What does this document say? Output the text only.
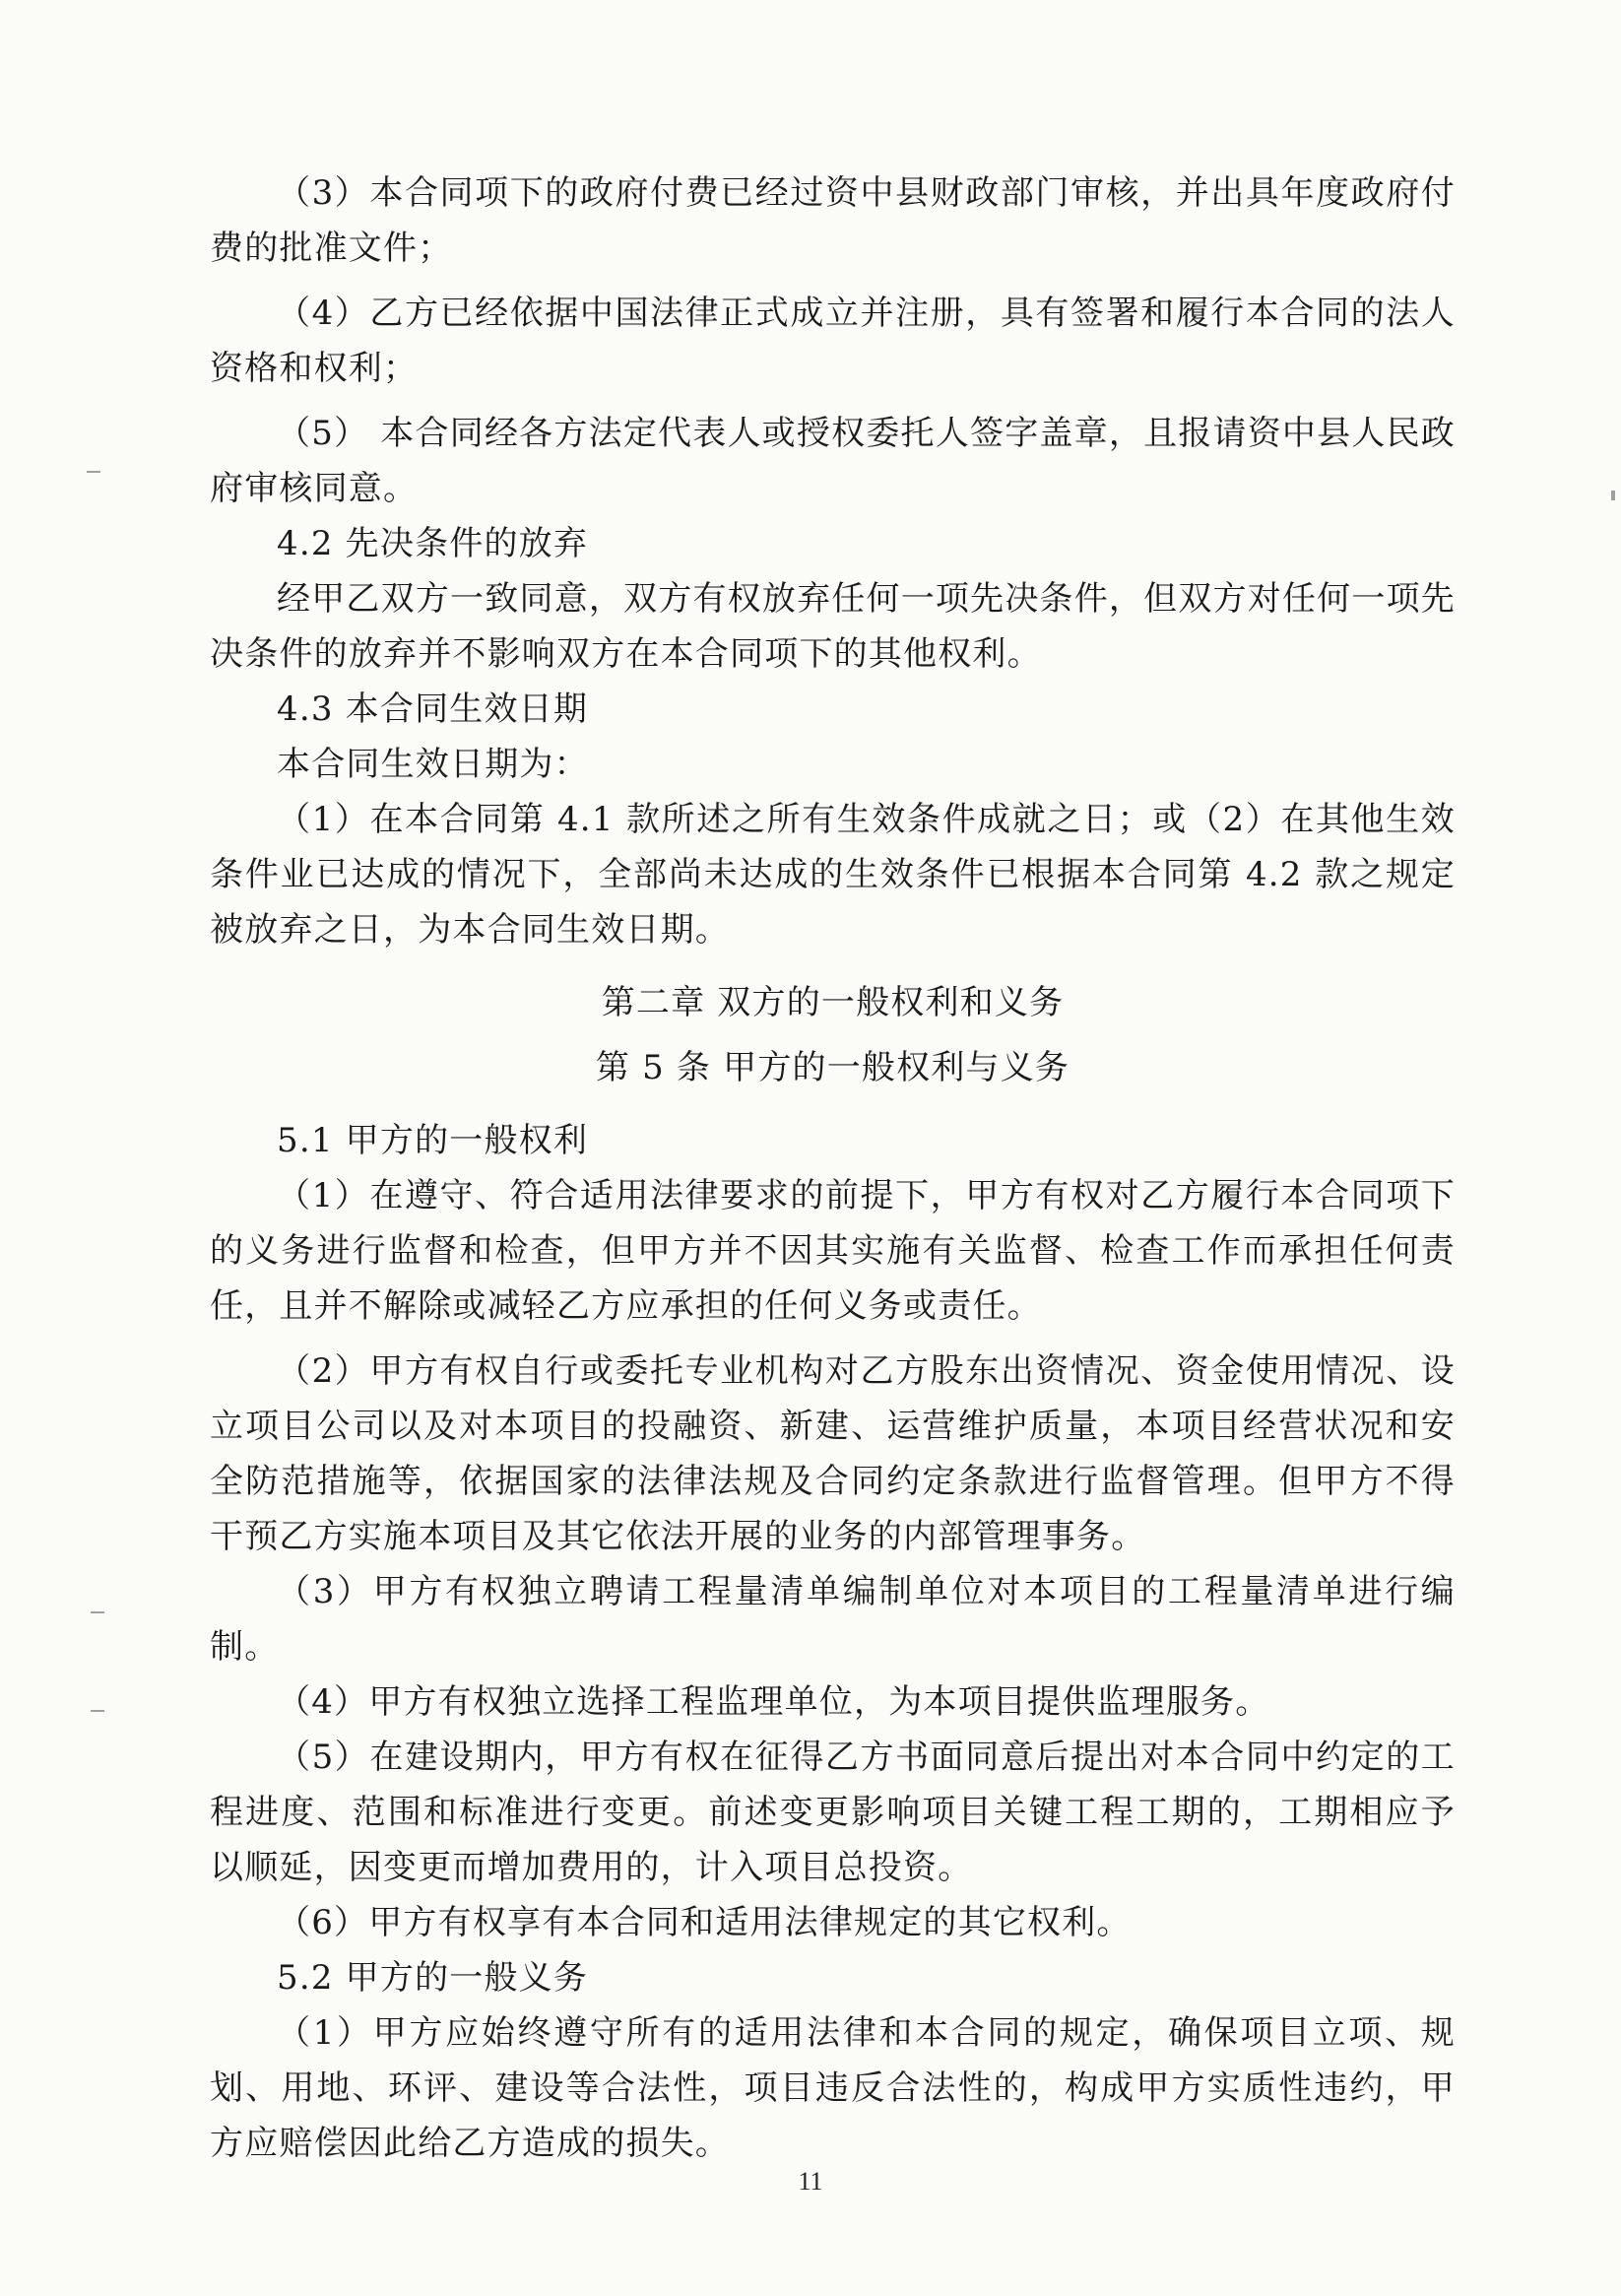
（3）本合同项下的政府付费已经过资中县财政部门审核，并出具年度政府付费的批准文件；

（4）乙方已经依据中国法律正式成立并注册，具有签署和履行本合同的法人资格和权利；

（5） 本合同经各方法定代表人或授权委托人签字盖章，且报请资中县人民政府审核同意。

4.2 先决条件的放弃

经甲乙双方一致同意，双方有权放弃任何一项先决条件，但双方对任何一项先决条件的放弃并不影响双方在本合同项下的其他权利。

4.3 本合同生效日期

本合同生效日期为：

（1）在本合同第 4.1 款所述之所有生效条件成就之日；或（2）在其他生效条件业已达成的情况下，全部尚未达成的生效条件已根据本合同第 4.2 款之规定被放弃之日，为本合同生效日期。

第二章 双方的一般权利和义务

第 5 条 甲方的一般权利与义务

5.1 甲方的一般权利

（1）在遵守、符合适用法律要求的前提下，甲方有权对乙方履行本合同项下的义务进行监督和检查，但甲方并不因其实施有关监督、检查工作而承担任何责任，且并不解除或减轻乙方应承担的任何义务或责任。

（2）甲方有权自行或委托专业机构对乙方股东出资情况、资金使用情况、设立项目公司以及对本项目的投融资、新建、运营维护质量，本项目经营状况和安全防范措施等，依据国家的法律法规及合同约定条款进行监督管理。但甲方不得干预乙方实施本项目及其它依法开展的业务的内部管理事务。

（3）甲方有权独立聘请工程量清单编制单位对本项目的工程量清单进行编制。

（4）甲方有权独立选择工程监理单位，为本项目提供监理服务。

（5）在建设期内，甲方有权在征得乙方书面同意后提出对本合同中约定的工程进度、范围和标准进行变更。前述变更影响项目关键工程工期的，工期相应予以顺延，因变更而增加费用的，计入项目总投资。

（6）甲方有权享有本合同和适用法律规定的其它权利。

5.2 甲方的一般义务

（1）甲方应始终遵守所有的适用法律和本合同的规定，确保项目立项、规划、用地、环评、建设等合法性，项目违反合法性的，构成甲方实质性违约，甲方应赔偿因此给乙方造成的损失。

11
